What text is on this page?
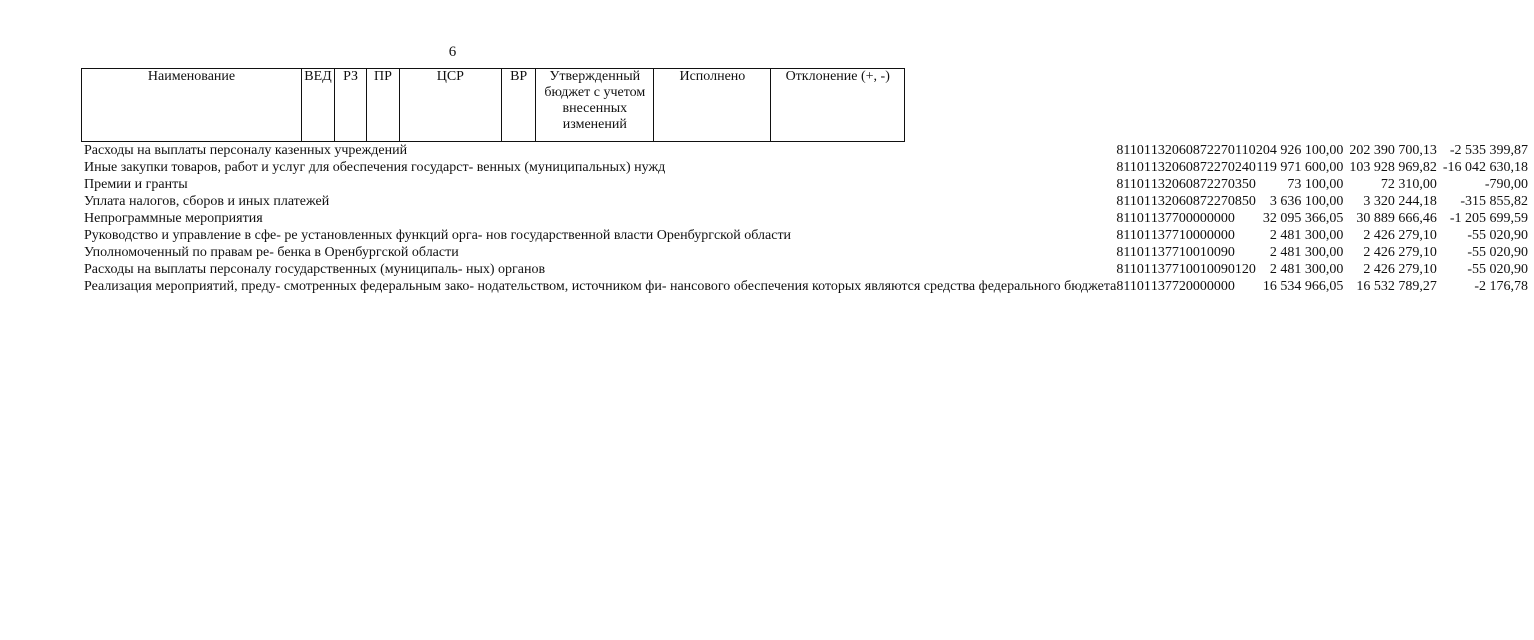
6
Наименование	ВЕД	РЗ	ПР	ЦСР	ВР	Утвержденный бюджет с учетом внесенных изменений	Исполнено	Отклонение (+, -)
Расходы на выплаты персоналу казенных учреждений	811	01	13	2060872270	110	204 926 100,00	202 390 700,13	-2 535 399,87
Иные закупки товаров, работ и услуг для обеспечения государст- венных (муниципальных) нужд	811	01	13	2060872270	240	119 971 600,00	103 928 969,82	-16 042 630,18
Премии и гранты	811	01	13	2060872270	350	73 100,00	72 310,00	-790,00
Уплата налогов, сборов и иных платежей	811	01	13	2060872270	850	3 636 100,00	3 320 244,18	-315 855,82
Непрограммные мероприятия	811	01	13	7700000000		32 095 366,05	30 889 666,46	-1 205 699,59
Руководство и управление в сфе- ре установленных функций орга- нов государственной власти Оренбургской области	811	01	13	7710000000		2 481 300,00	2 426 279,10	-55 020,90
Уполномоченный по правам ре- бенка в Оренбургской области	811	01	13	7710010090		2 481 300,00	2 426 279,10	-55 020,90
Расходы на выплаты персоналу государственных (муниципаль- ных) органов	811	01	13	7710010090	120	2 481 300,00	2 426 279,10	-55 020,90
Реализация мероприятий, преду- смотренных федеральным зако- нодательством, источником фи- нансового обеспечения которых являются средства федерального бюджета	811	01	13	7720000000		16 534 966,05	16 532 789,27	-2 176,78
